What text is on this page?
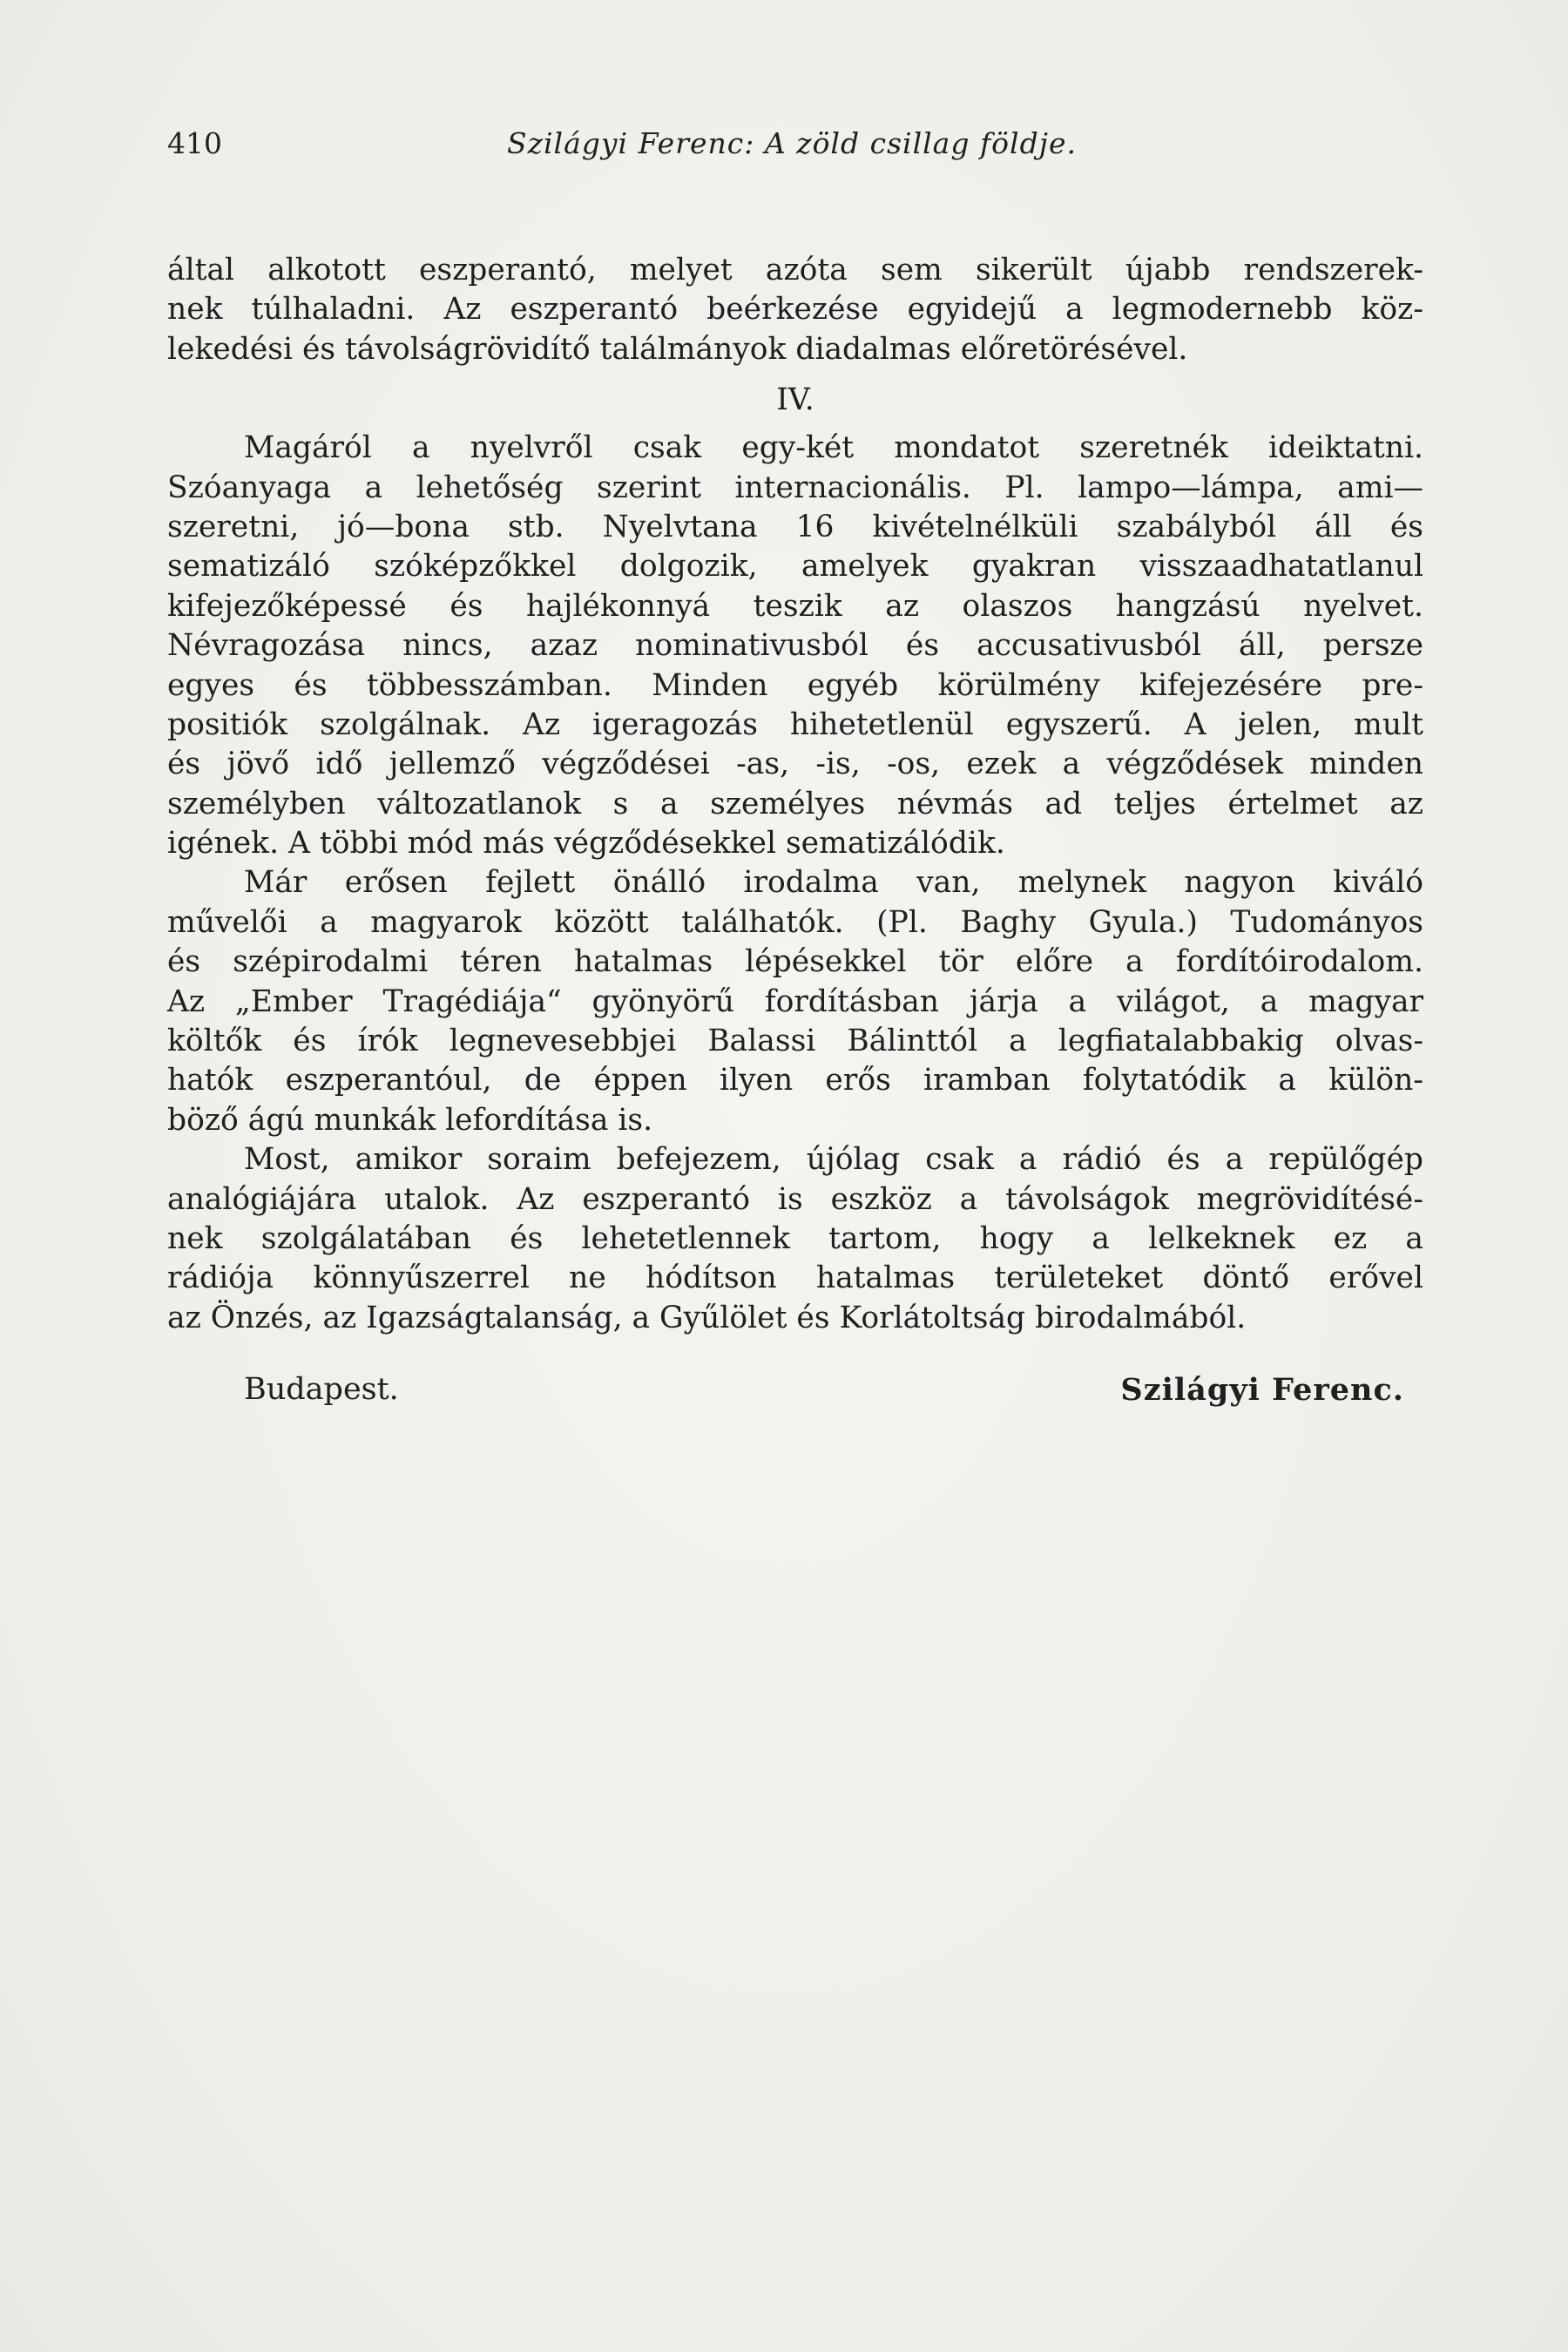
410	Szilágyi Ferenc: A zöld csillag földje.
által alkotott eszperantó, melyet azóta sem sikerült újabb rendszerek-
nek túlhaladni. Az eszperantó beérkezése egyidejű a legmodernebb köz-
lekedési és távolságrövidítő találmányok diadalmas előretörésével.
IV.
Magáról a nyelvről csak egy-két mondatot szeretnék ideiktatni.
Szóanyaga a lehetőség szerint internacionális. Pl. lampo—lámpa, ami—
szeretni, jó—bona stb. Nyelvtana 16 kivételnélküli szabályból áll és
sematizáló szóképzőkkel dolgozik, amelyek gyakran visszaadhatatlanul
kifejezőképessé és hajlékonnyá teszik az olaszos hangzású nyelvet.
Névragozása nincs, azaz nominativusból és accusativusból áll, persze
egyes és többesszámban. Minden egyéb körülmény kifejezésére pre-
positiók szolgálnak. Az igeragozás hihetetlenül egyszerű. A jelen, mult
és jövő idő jellemző végződései -as, -is, -os, ezek a végződések minden
személyben változatlanok s a személyes névmás ad teljes értelmet az
igének. A többi mód más végződésekkel sematizálódik.
Már erősen fejlett önálló irodalma van, melynek nagyon kiváló
művelői a magyarok között találhatók. (Pl. Baghy Gyula.) Tudományos
és szépirodalmi téren hatalmas lépésekkel tör előre a fordítóirodalom.
Az „Ember Tragédiája“ gyönyörű fordításban járja a világot, a magyar
költők és írók legnevesebbjei Balassi Bálinttól a legfiatalabbakig olvas-
hatók eszperantóul, de éppen ilyen erős iramban folytatódik a külön-
böző ágú munkák lefordítása is.
Most, amikor soraim befejezem, újólag csak a rádió és a repülőgép
analógiájára utalok. Az eszperantó is eszköz a távolságok megrövidítésé-
nek szolgálatában és lehetetlennek tartom, hogy a lelkeknek ez a
rádiója könnyűszerrel ne hódítson hatalmas területeket döntő erővel
az Önzés, az Igazságtalanság, a Gyűlölet és Korlátoltság birodalmából.
Budapest.	Szilágyi Ferenc.
